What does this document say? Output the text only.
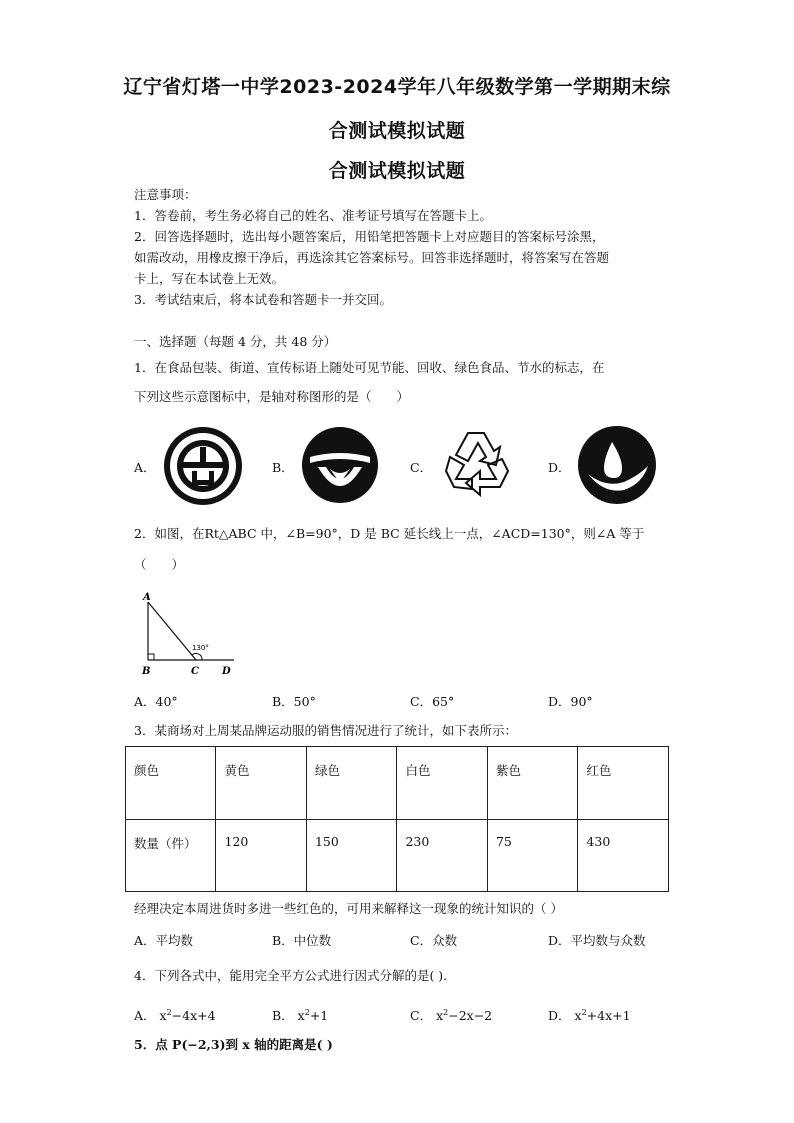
辽宁省灯塔一中学2023-2024学年八年级数学第一学期期末综
合测试模拟试题
合测试模拟试题
注意事项：
1．答卷前，考生务必将自己的姓名、准考证号填写在答题卡上。
2．回答选择题时，选出每小题答案后，用铅笔把答题卡上对应题目的答案标号涂黑，
如需改动，用橡皮擦干净后，再选涂其它答案标号。回答非选择题时，将答案写在答题
卡上，写在本试卷上无效。
3．考试结束后，将本试卷和答题卡一并交回。
一、选择题（每题 4 分，共 48 分）
1．在食品包装、街道、宣传标语上随处可见节能、回收、绿色食品、节水的标志，在
下列这些示意图标中，是轴对称图形的是（　　）
A．	B．	C．	D．
2．如图，在Rt△ABC 中，∠B=90°，D 是 BC 延长线上一点，∠ACD=130°，则∠A 等于
（　　）
A
B	C D
130°
A．40°	B．50°	C．65°	D．90°
3．某商场对上周某品牌运动服的销售情况进行了统计，如下表所示：
颜色	黄色	绿色	白色	紫色	红色
数量（件）	120	150	230	75	430
经理决定本周进货时多进一些红色的，可用来解释这一现象的统计知识的（ ）
A．平均数	B．中位数	C．众数	D．平均数与众数
4．下列各式中，能用完全平方公式进行因式分解的是( ).
A． $x^2-4x+4$	B． $x^2+1$	C． $x^2-2x-2$	D． $x^2+4x+1$
5．点 P(−2,3)到 x 轴的距离是( )
